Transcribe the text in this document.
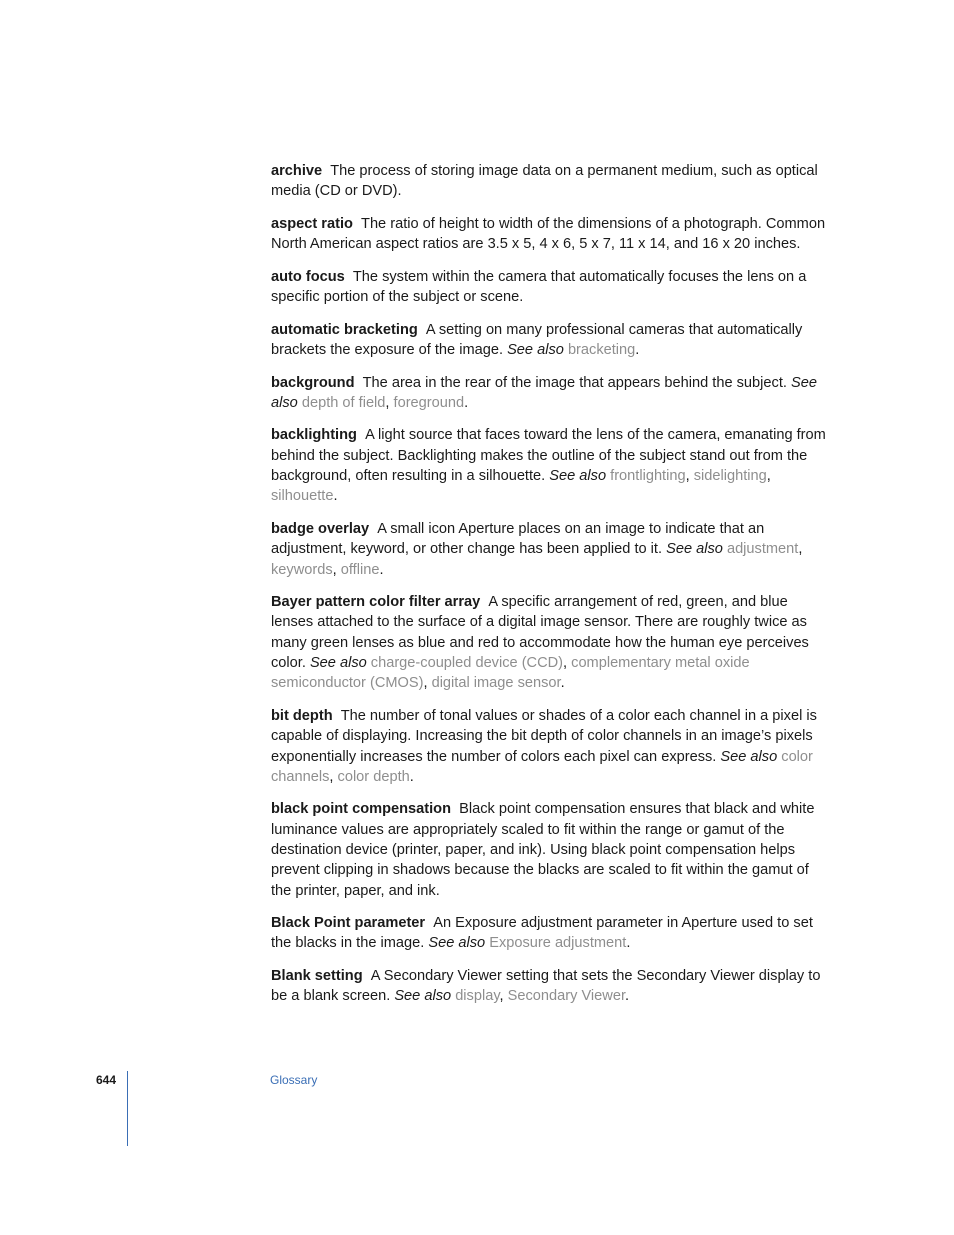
archive The process of storing image data on a permanent medium, such as optical media (CD or DVD).

aspect ratio The ratio of height to width of the dimensions of a photograph. Common North American aspect ratios are 3.5 x 5, 4 x 6, 5 x 7, 11 x 14, and 16 x 20 inches.

auto focus The system within the camera that automatically focuses the lens on a specific portion of the subject or scene.

automatic bracketing A setting on many professional cameras that automatically brackets the exposure of the image. See also bracketing.

background The area in the rear of the image that appears behind the subject. See also depth of field, foreground.

backlighting A light source that faces toward the lens of the camera, emanating from behind the subject. Backlighting makes the outline of the subject stand out from the background, often resulting in a silhouette. See also frontlighting, sidelighting, silhouette.

badge overlay A small icon Aperture places on an image to indicate that an adjustment, keyword, or other change has been applied to it. See also adjustment, keywords, offline.

Bayer pattern color filter array A specific arrangement of red, green, and blue lenses attached to the surface of a digital image sensor. There are roughly twice as many green lenses as blue and red to accommodate how the human eye perceives color. See also charge-coupled device (CCD), complementary metal oxide semiconductor (CMOS), digital image sensor.

bit depth The number of tonal values or shades of a color each channel in a pixel is capable of displaying. Increasing the bit depth of color channels in an image’s pixels exponentially increases the number of colors each pixel can express. See also color channels, color depth.

black point compensation Black point compensation ensures that black and white luminance values are appropriately scaled to fit within the range or gamut of the destination device (printer, paper, and ink). Using black point compensation helps prevent clipping in shadows because the blacks are scaled to fit within the gamut of the printer, paper, and ink.

Black Point parameter An Exposure adjustment parameter in Aperture used to set the blacks in the image. See also Exposure adjustment.

Blank setting A Secondary Viewer setting that sets the Secondary Viewer display to be a blank screen. See also display, Secondary Viewer.

644	Glossary
